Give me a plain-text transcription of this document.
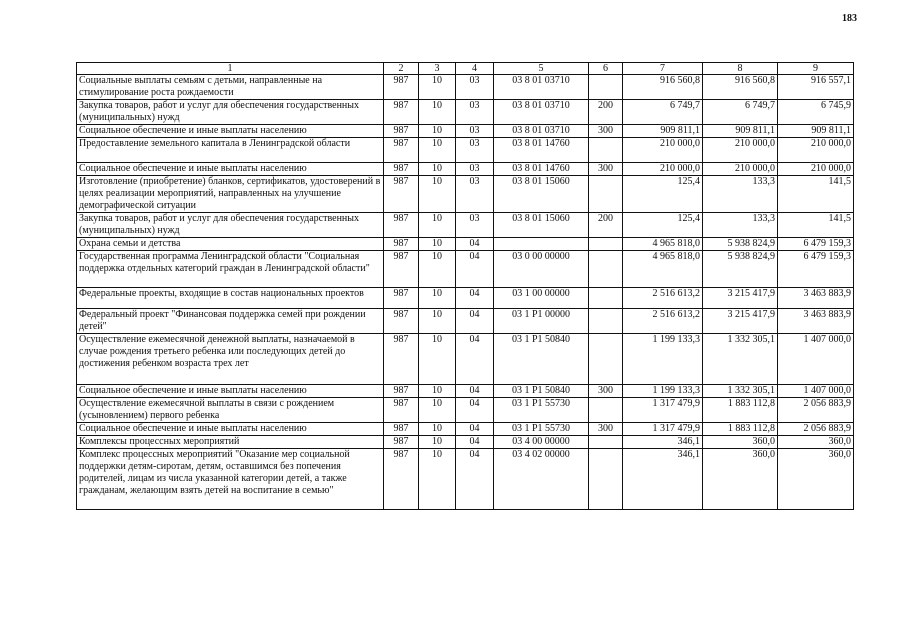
183
1	2	3	4	5	6	7	8	9
Социальные выплаты семьям с детьми, направленные на стимулирование роста рождаемости	987	10	03	03 8 01 03710		916 560,8	916 560,8	916 557,1
Закупка товаров, работ и услуг для обеспечения государственных (муниципальных) нужд	987	10	03	03 8 01 03710	200	6 749,7	6 749,7	6 745,9
Социальное обеспечение и иные выплаты населению	987	10	03	03 8 01 03710	300	909 811,1	909 811,1	909 811,1
Предоставление земельного капитала в Ленинградской области	987	10	03	03 8 01 14760		210 000,0	210 000,0	210 000,0
Социальное обеспечение и иные выплаты населению	987	10	03	03 8 01 14760	300	210 000,0	210 000,0	210 000,0
Изготовление (приобретение) бланков, сертификатов, удостоверений в целях реализации мероприятий, направленных на улучшение демографической ситуации	987	10	03	03 8 01 15060		125,4	133,3	141,5
Закупка товаров, работ и услуг для обеспечения государственных (муниципальных) нужд	987	10	03	03 8 01 15060	200	125,4	133,3	141,5
Охрана семьи и детства	987	10	04			4 965 818,0	5 938 824,9	6 479 159,3
Государственная программа Ленинградской области "Социальная поддержка отдельных категорий граждан в Ленинградской области"	987	10	04	03 0 00 00000		4 965 818,0	5 938 824,9	6 479 159,3
Федеральные проекты, входящие в состав национальных проектов	987	10	04	03 1 00 00000		2 516 613,2	3 215 417,9	3 463 883,9
Федеральный проект "Финансовая поддержка семей при рождении детей"	987	10	04	03 1 P1 00000		2 516 613,2	3 215 417,9	3 463 883,9
Осуществление ежемесячной денежной выплаты, назначаемой в случае рождения третьего ребенка или последующих детей до достижения ребенком возраста трех лет	987	10	04	03 1 P1 50840		1 199 133,3	1 332 305,1	1 407 000,0
Социальное обеспечение и иные выплаты населению	987	10	04	03 1 P1 50840	300	1 199 133,3	1 332 305,1	1 407 000,0
Осуществление ежемесячной выплаты в связи с рождением (усыновлением) первого ребенка	987	10	04	03 1 P1 55730		1 317 479,9	1 883 112,8	2 056 883,9
Социальное обеспечение и иные выплаты населению	987	10	04	03 1 P1 55730	300	1 317 479,9	1 883 112,8	2 056 883,9
Комплексы процессных мероприятий	987	10	04	03 4 00 00000		346,1	360,0	360,0
Комплекс процессных мероприятий "Оказание мер социальной поддержки детям-сиротам, детям, оставшимся без попечения родителей, лицам из числа указанной категории детей, а также гражданам, желающим взять детей на воспитание в семью"	987	10	04	03 4 02 00000		346,1	360,0	360,0
